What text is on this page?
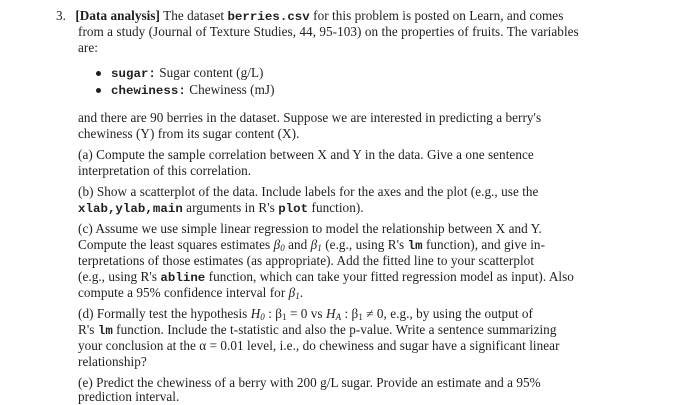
3. [Data analysis] The dataset berries.csv for this problem is posted on Learn, and comes
from a study (Journal of Texture Studies, 44, 95-103) on the properties of fruits. The variables
are:
sugar: Sugar content (g/L)
chewiness: Chewiness (mJ)
and there are 90 berries in the dataset. Suppose we are interested in predicting a berry's
chewiness (Y) from its sugar content (X).
(a) Compute the sample correlation between X and Y in the data. Give a one sentence
interpretation of this correlation.
(b) Show a scatterplot of the data. Include labels for the axes and the plot (e.g., use the
xlab,ylab,main arguments in R's plot function).
(c) Assume we use simple linear regression to model the relationship between X and Y.
Compute the least squares estimates $\beta_0$ and $\beta_1$ (e.g., using R's lm function), and give in-
terpretations of those estimates (as appropriate). Add the fitted line to your scatterplot
(e.g., using R's abline function, which can take your fitted regression model as input). Also
compute a 95% confidence interval for $\beta_1$.
(d) Formally test the hypothesis $H_0$ : $\beta_1 = 0$ vs $H_A$ : $\beta_1 \ne 0$, e.g., by using the output of
R's lm function. Include the t-statistic and also the p-value. Write a sentence summarizing
your conclusion at the α = 0.01 level, i.e., do chewiness and sugar have a significant linear
relationship?
(e) Predict the chewiness of a berry with 200 g/L sugar. Provide an estimate and a 95%
prediction interval.
